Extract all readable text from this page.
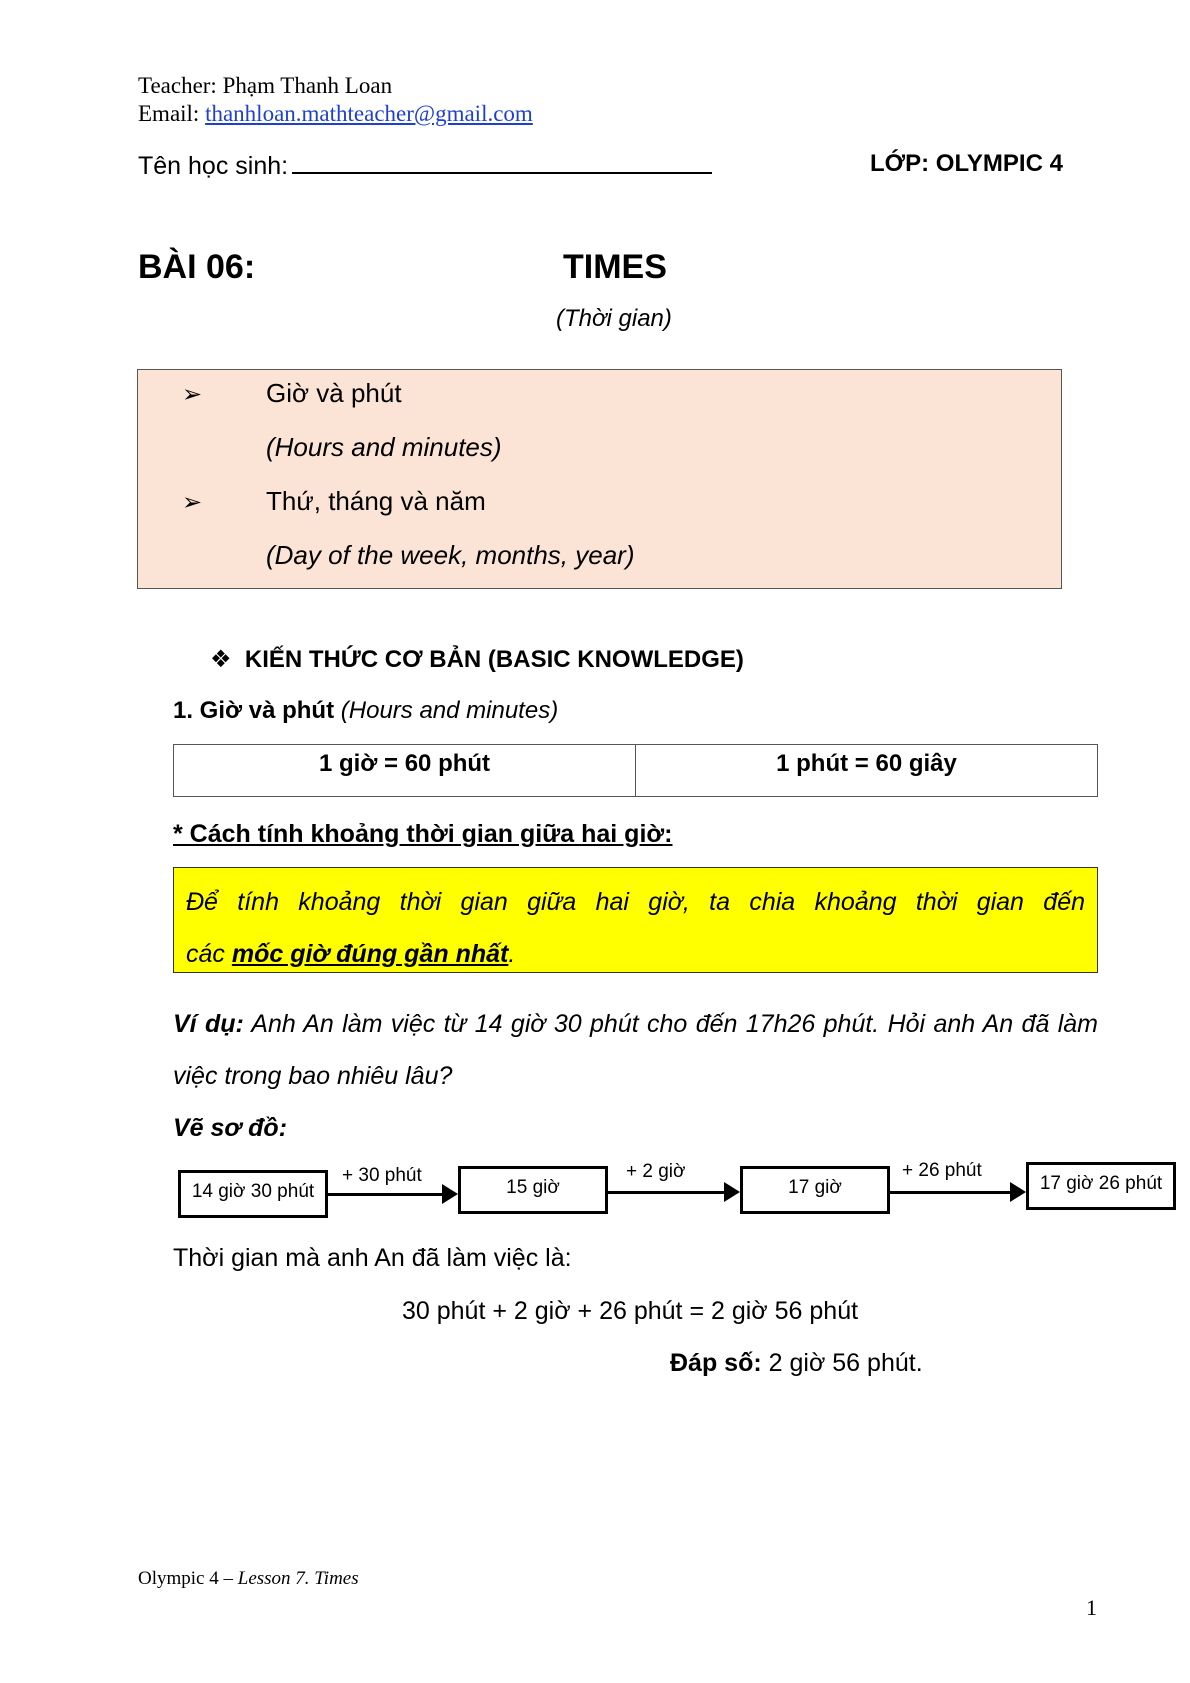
Teacher: Phạm Thanh Loan
Email: thanhloan.mathteacher@gmail.com
Tên học sinh:	LỚP: OLYMPIC 4
BÀI 06:	TIMES
(Thời gian)
➢ Giờ và phút
(Hours and minutes)
➢ Thứ, tháng và năm
(Day of the week, months, year)
❖ KIẾN THỨC CƠ BẢN (BASIC KNOWLEDGE)
1. Giờ và phút (Hours and minutes)
1 giờ = 60 phút	1 phút = 60 giây
* Cách tính khoảng thời gian giữa hai giờ:
Để tính khoảng thời gian giữa hai giờ, ta chia khoảng thời gian đến
các mốc giờ đúng gần nhất.
Ví dụ: Anh An làm việc từ 14 giờ 30 phút cho đến 17h26 phút. Hỏi anh An đã làm
việc trong bao nhiêu lâu?
Vẽ sơ đồ:
14 giờ 30 phút
+ 30 phút
15 giờ
+ 2 giờ
17 giờ
+ 26 phút
17 giờ 26 phút
Thời gian mà anh An đã làm việc là:
30 phút + 2 giờ + 26 phút = 2 giờ 56 phút
Đáp số: 2 giờ 56 phút.
Olympic 4 – Lesson 7. Times
1
